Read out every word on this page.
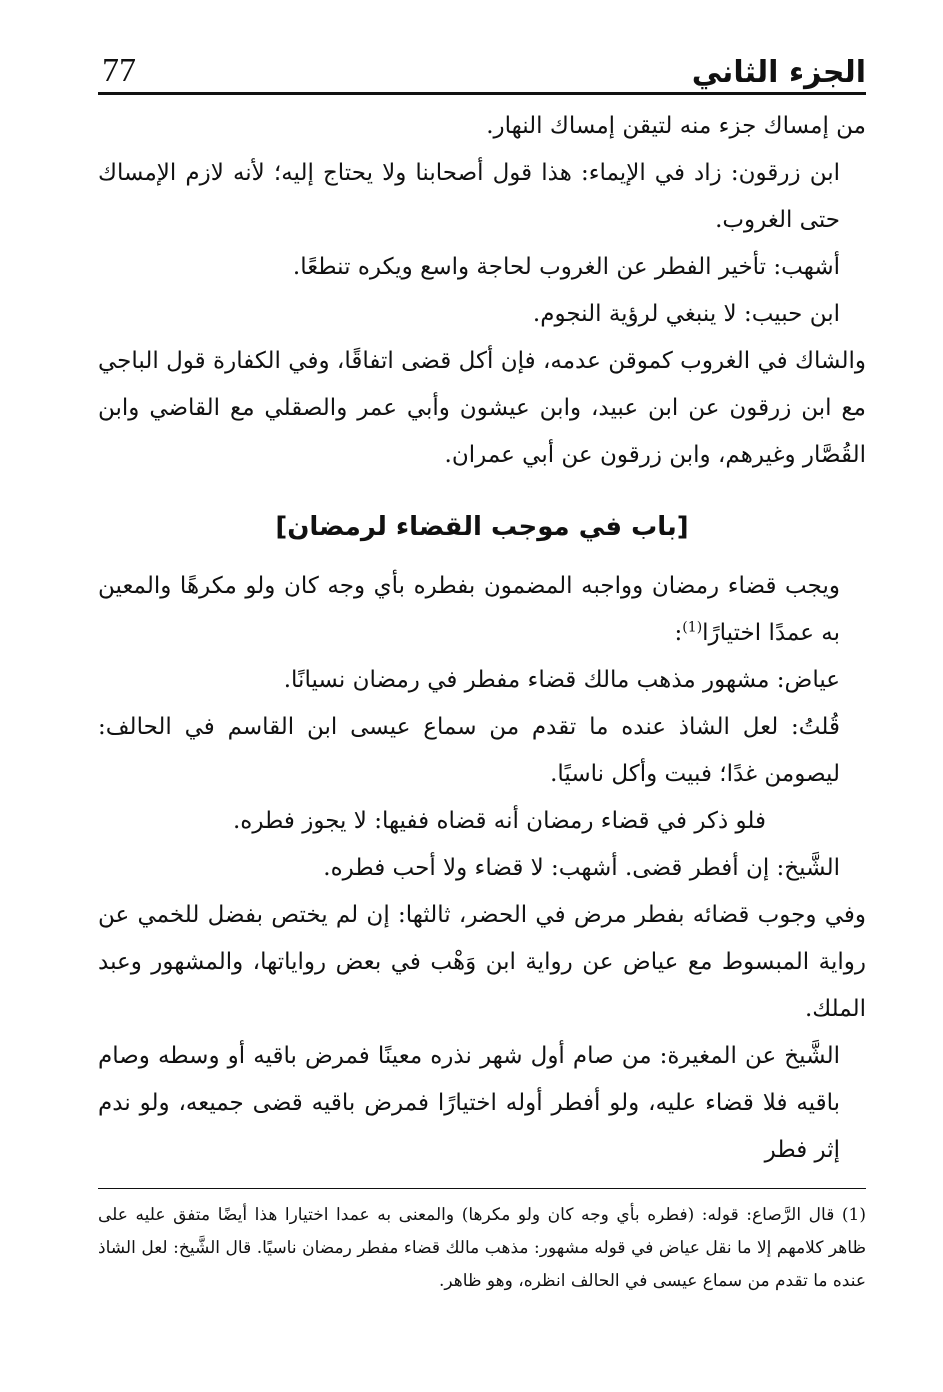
الجزء الثاني
77

من إمساك جزء منه لتيقن إمساك النهار.

ابن زرقون: زاد في الإيماء: هذا قول أصحابنا ولا يحتاج إليه؛ لأنه لازم الإمساك حتى الغروب.

أشهب: تأخير الفطر عن الغروب لحاجة واسع ويكره تنطعًا.

ابن حبيب: لا ينبغي لرؤية النجوم.

والشاك في الغروب كموقن عدمه، فإن أكل قضى اتفاقًا، وفي الكفارة قول الباجي مع ابن زرقون عن ابن عبيد، وابن عيشون وأبي عمر والصقلي مع القاضي وابن القُصَّار وغيرهم، وابن زرقون عن أبي عمران.

[باب في موجب القضاء لرمضان]

ويجب قضاء رمضان وواجبه المضمون بفطره بأي وجه كان ولو مكرهًا والمعين به عمدًا اختيارًا$^{(1)}$:

عياض: مشهور مذهب مالك قضاء مفطر في رمضان نسيانًا.

قُلتُ: لعل الشاذ عنده ما تقدم من سماع عيسى ابن القاسم في الحالف: ليصومن غدًا؛ فبيت وأكل ناسيًا.

فلو ذكر في قضاء رمضان أنه قضاه ففيها: لا يجوز فطره.

الشَّيخ: إن أفطر قضى. أشهب: لا قضاء ولا أحب فطره.

وفي وجوب قضائه بفطر مرض في الحضر، ثالثها: إن لم يختص بفضل للخمي عن رواية المبسوط مع عياض عن رواية ابن وَهْب في بعض رواياتها، والمشهور وعبد الملك.

الشَّيخ عن المغيرة: من صام أول شهر نذره معينًا فمرض باقيه أو وسطه وصام باقيه فلا قضاء عليه، ولو أفطر أوله اختيارًا فمرض باقيه قضى جميعه، ولو ندم إثر فطر

(1) قال الرَّصاع: قوله: (فطره بأي وجه كان ولو مكرها) والمعنى به عمدا اختيارا هذا أيضًا متفق عليه على ظاهر كلامهم إلا ما نقل عياض في قوله مشهور: مذهب مالك قضاء مفطر رمضان ناسيًا. قال الشَّيخ: لعل الشاذ عنده ما تقدم من سماع عيسى في الحالف انظره، وهو ظاهر.
